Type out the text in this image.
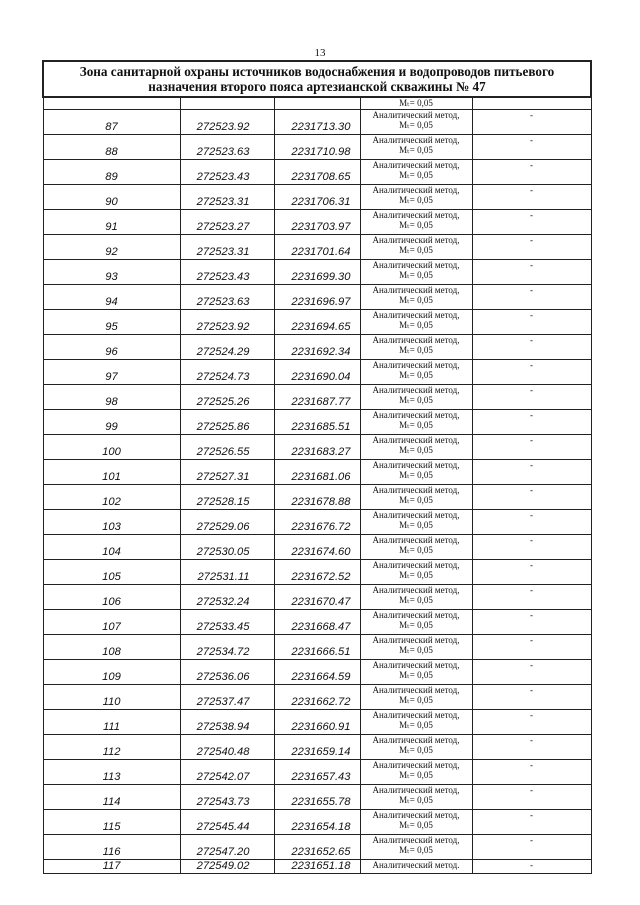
13
Зона санитарной охраны источников водоснабжения и водопроводов питьевого назначения второго пояса артезианской скважины № 47				

			Mₜ= 0,05	

87	272523.92	2231713.30	Аналитический метод,
Mₜ= 0,05	-
88	272523.63	2231710.98	Аналитический метод,
Mₜ= 0,05	-
89	272523.43	2231708.65	Аналитический метод,
Mₜ= 0,05	-
90	272523.31	2231706.31	Аналитический метод,
Mₜ= 0,05	-
91	272523.27	2231703.97	Аналитический метод,
Mₜ= 0,05	-
92	272523.31	2231701.64	Аналитический метод,
Mₜ= 0,05	-
93	272523.43	2231699.30	Аналитический метод,
Mₜ= 0,05	-
94	272523.63	2231696.97	Аналитический метод,
Mₜ= 0,05	-
95	272523.92	2231694.65	Аналитический метод,
Mₜ= 0,05	-
96	272524.29	2231692.34	Аналитический метод,
Mₜ= 0,05	-
97	272524.73	2231690.04	Аналитический метод,
Mₜ= 0,05	-
98	272525.26	2231687.77	Аналитический метод,
Mₜ= 0,05	-
99	272525.86	2231685.51	Аналитический метод,
Mₜ= 0,05	-
100	272526.55	2231683.27	Аналитический метод,
Mₜ= 0,05	-
101	272527.31	2231681.06	Аналитический метод,
Mₜ= 0,05	-
102	272528.15	2231678.88	Аналитический метод,
Mₜ= 0,05	-
103	272529.06	2231676.72	Аналитический метод,
Mₜ= 0,05	-
104	272530.05	2231674.60	Аналитический метод,
Mₜ= 0,05	-
105	272531.11	2231672.52	Аналитический метод,
Mₜ= 0,05	-
106	272532.24	2231670.47	Аналитический метод,
Mₜ= 0,05	-
107	272533.45	2231668.47	Аналитический метод,
Mₜ= 0,05	-
108	272534.72	2231666.51	Аналитический метод,
Mₜ= 0,05	-
109	272536.06	2231664.59	Аналитический метод,
Mₜ= 0,05	-
110	272537.47	2231662.72	Аналитический метод,
Mₜ= 0,05	-
111	272538.94	2231660.91	Аналитический метод,
Mₜ= 0,05	-
112	272540.48	2231659.14	Аналитический метод,
Mₜ= 0,05	-
113	272542.07	2231657.43	Аналитический метод,
Mₜ= 0,05	-
114	272543.73	2231655.78	Аналитический метод,
Mₜ= 0,05	-
115	272545.44	2231654.18	Аналитический метод,
Mₜ= 0,05	-
116	272547.20	2231652.65	Аналитический метод,
Mₜ= 0,05	-
117	272549.02	2231651.18	Аналитический метод.	-
